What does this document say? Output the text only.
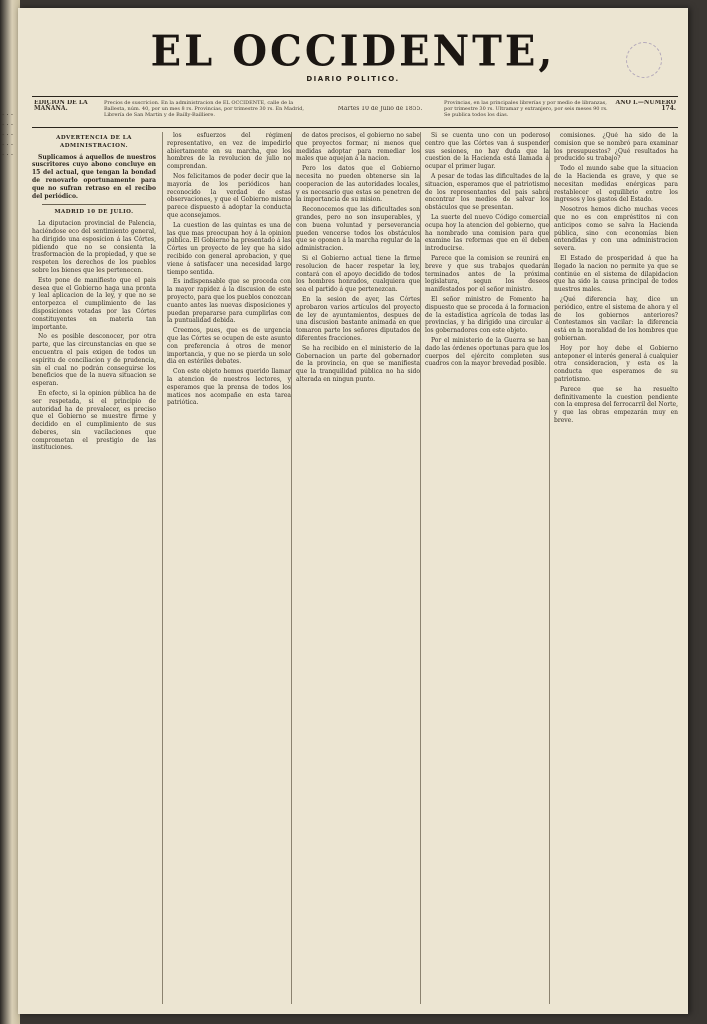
· · · · · · · · · · · · · · ·
EL OCCIDENTE,
DIARIO POLITICO.
EDICION DE LA MAÑANA.
Precios de suscricion. En la administracion de EL OCCIDENTE, calle de la Ballesta, núm. 40, por un mes 8 rs. Provincias, por trimestre 30 rs. En Madrid, Librería de San Martin y de Bailly-Bailliere.
Martes 10 de Julio de 1855.
Provincias, en las principales librerías y por medio de libranzas, por trimestre 30 rs. Ultramar y extranjero, por seis meses 90 rs. Se publica todos los dias.
AÑO I.—NUMERO 174.

ADVERTENCIA DE LA ADMINISTRACION.

Suplicamos á aquellos de nuestros suscritores cuyo abono concluye en 15 del actual, que tengan la bondad de renovarlo oportunamente para que no sufran retraso en el recibo del periódico.

MADRID 10 DE JULIO.

La diputacion provincial de Palencia, haciéndose eco del sentimiento general, ha dirigido una esposicion á las Córtes, pidiendo que no se consienta la trasformacion de la propiedad, y que se respeten los derechos de los pueblos sobre los bienes que les pertenecen.

Esto pone de manifiesto que el pais desea que el Gobierno haga una pronta y leal aplicacion de la ley, y que no se entorpezca el cumplimiento de las disposiciones votadas por las Córtes constituyentes en materia tan importante.

No es posible desconocer, por otra parte, que las circunstancias en que se encuentra el pais exigen de todos un espíritu de conciliacion y de prudencia, sin el cual no podrán conseguirse los beneficios que de la nueva situacion se esperan.

En efecto, si la opinion pública ha de ser respetada, si el principio de autoridad ha de prevalecer, es preciso que el Gobierno se muestre firme y decidido en el cumplimiento de sus deberes, sin vacilaciones que comprometan el prestigio de las instituciones.

los esfuerzos del régimen representativo, en vez de impedirlo abiertamente en su marcha, que los hombres de la revolucion de julio no comprendan.

Nos felicitamos de poder decir que la mayoría de los periódicos han reconocido la verdad de estas observaciones, y que el Gobierno mismo parece dispuesto á adoptar la conducta que aconsejamos.

La cuestion de las quintas es una de las que mas preocupan hoy á la opinion pública. El Gobierno ha presentado á las Córtes un proyecto de ley que ha sido recibido con general aprobacion, y que viene á satisfacer una necesidad largo tiempo sentida.

Es indispensable que se proceda con la mayor rapidez á la discusion de este proyecto, para que los pueblos conozcan cuanto antes las nuevas disposiciones y puedan prepararse para cumplirlas con la puntualidad debida.

Creemos, pues, que es de urgencia que las Córtes se ocupen de este asunto con preferencia á otros de menor importancia, y que no se pierda un solo dia en estériles debates.

Con este objeto hemos querido llamar la atencion de nuestros lectores, y esperamos que la prensa de todos los matices nos acompañe en esta tarea patriótica.

de datos precisos, el gobierno no sabe que proyectos formar, ni menos que medidas adoptar para remediar los males que aquejan á la nacion.

Pero los datos que el Gobierno necesita no pueden obtenerse sin la cooperacion de las autoridades locales, y es necesario que estas se penetren de la importancia de su mision.

Reconocemos que las dificultades son grandes, pero no son insuperables, y con buena voluntad y perseverancia pueden vencerse todos los obstáculos que se oponen á la marcha regular de la administracion.

Si el Gobierno actual tiene la firme resolucion de hacer respetar la ley, contará con el apoyo decidido de todos los hombres honrados, cualquiera que sea el partido á que pertenezcan.

En la sesion de ayer, las Córtes aprobaron varios artículos del proyecto de ley de ayuntamientos, despues de una discusion bastante animada en que tomaron parte los señores diputados de diferentes fracciones.

Se ha recibido en el ministerio de la Gobernacion un parte del gobernador de la provincia, en que se manifiesta que la tranquilidad pública no ha sido alterada en ningun punto.

Si se cuenta uno con un poderoso centro que las Córtes van á suspender sus sesiones, no hay duda que la cuestion de la Hacienda está llamada á ocupar el primer lugar.

A pesar de todas las dificultades de la situacion, esperamos que el patriotismo de los representantes del pais sabrá encontrar los medios de salvar los obstáculos que se presentan.

La suerte del nuevo Código comercial ocupa hoy la atencion del gobierno, que ha nombrado una comision para que examine las reformas que en él deben introducirse.

Parece que la comision se reunirá en breve y que sus trabajos quedarán terminados antes de la próxima legislatura, segun los deseos manifestados por el señor ministro.

El señor ministro de Fomento ha dispuesto que se proceda á la formacion de la estadística agrícola de todas las provincias, y ha dirigido una circular á los gobernadores con este objeto.

Por el ministerio de la Guerra se han dado las órdenes oportunas para que los cuerpos del ejército completen sus cuadros con la mayor brevedad posible.

comisiones. ¿Qué ha sido de la comision que se nombró para examinar los presupuestos? ¿Qué resultados ha producido su trabajo?

Todo el mundo sabe que la situacion de la Hacienda es grave, y que se necesitan medidas enérgicas para restablecer el equilibrio entre los ingresos y los gastos del Estado.

Nosotros hemos dicho muchas veces que no es con empréstitos ni con anticipos como se salva la Hacienda pública, sino con economías bien entendidas y con una administracion severa.

El Estado de prosperidad á que ha llegado la nacion no permite ya que se continúe en el sistema de dilapidacion que ha sido la causa principal de todos nuestros males.

¿Qué diferencia hay, dice un periódico, entre el sistema de ahora y el de los gobiernos anteriores? Contestamos sin vacilar: la diferencia está en la moralidad de los hombres que gobiernan.

Hoy por hoy debe el Gobierno anteponer el interés general á cualquier otra consideracion, y esta es la conducta que esperamos de su patriotismo.

Parece que se ha resuelto definitivamente la cuestion pendiente con la empresa del ferrocarril del Norte, y que las obras empezarán muy en breve.
